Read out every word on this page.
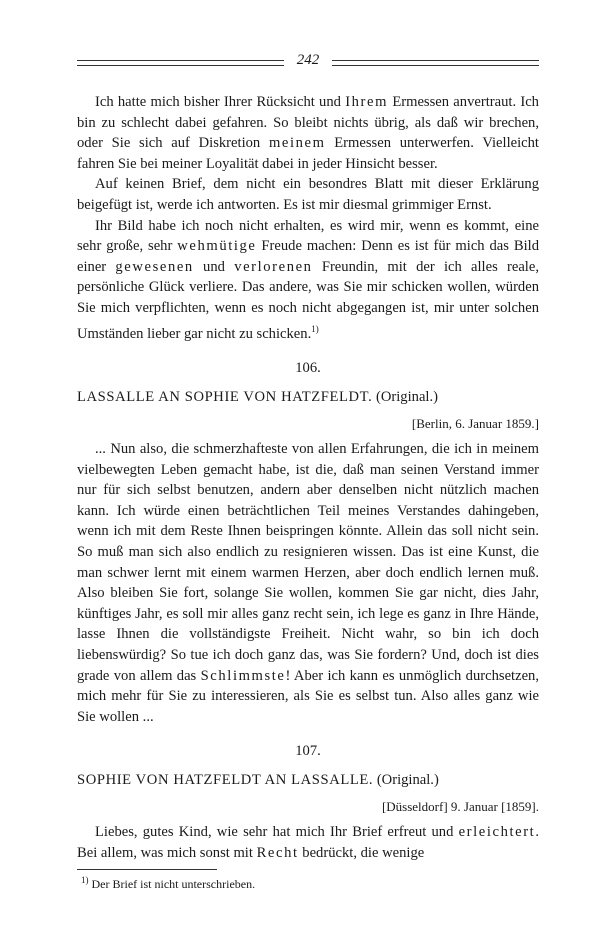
242

Ich hatte mich bisher Ihrer Rücksicht und Ihrem Ermessen anvertraut. Ich bin zu schlecht dabei gefahren. So bleibt nichts übrig, als daß wir brechen, oder Sie sich auf Diskretion meinem Ermessen unterwerfen. Vielleicht fahren Sie bei meiner Loyalität dabei in jeder Hinsicht besser.

Auf keinen Brief, dem nicht ein besondres Blatt mit dieser Erklärung beigefügt ist, werde ich antworten. Es ist mir diesmal grimmiger Ernst.

Ihr Bild habe ich noch nicht erhalten, es wird mir, wenn es kommt, eine sehr große, sehr wehmütige Freude machen: Denn es ist für mich das Bild einer gewesenen und verlorenen Freundin, mit der ich alles reale, persönliche Glück verliere. Das andere, was Sie mir schicken wollen, würden Sie mich verpflichten, wenn es noch nicht abgegangen ist, mir unter solchen Umständen lieber gar nicht zu schicken.$^{1)}$

106.
LASSALLE AN SOPHIE VON HATZFELDT. (Original.)
[Berlin, 6. Januar 1859.]

... Nun also, die schmerzhafteste von allen Erfahrungen, die ich in meinem vielbewegten Leben gemacht habe, ist die, daß man seinen Verstand immer nur für sich selbst benutzen, andern aber denselben nicht nützlich machen kann. Ich würde einen beträchtlichen Teil meines Verstandes dahingeben, wenn ich mit dem Reste Ihnen beispringen könnte. Allein das soll nicht sein. So muß man sich also endlich zu resignieren wissen. Das ist eine Kunst, die man schwer lernt mit einem warmen Herzen, aber doch endlich lernen muß. Also bleiben Sie fort, solange Sie wollen, kommen Sie gar nicht, dies Jahr, künftiges Jahr, es soll mir alles ganz recht sein, ich lege es ganz in Ihre Hände, lasse Ihnen die vollständigste Freiheit. Nicht wahr, so bin ich doch liebenswürdig? So tue ich doch ganz das, was Sie fordern? Und, doch ist dies grade von allem das Schlimmste! Aber ich kann es unmöglich durchsetzen, mich mehr für Sie zu interessieren, als Sie es selbst tun. Also alles ganz wie Sie wollen ...

107.
SOPHIE VON HATZFELDT AN LASSALLE. (Original.)
[Düsseldorf] 9. Januar [1859].

Liebes, gutes Kind, wie sehr hat mich Ihr Brief erfreut und erleichtert. Bei allem, was mich sonst mit Recht bedrückt, die wenige

$^{1)}$ Der Brief ist nicht unterschrieben.
